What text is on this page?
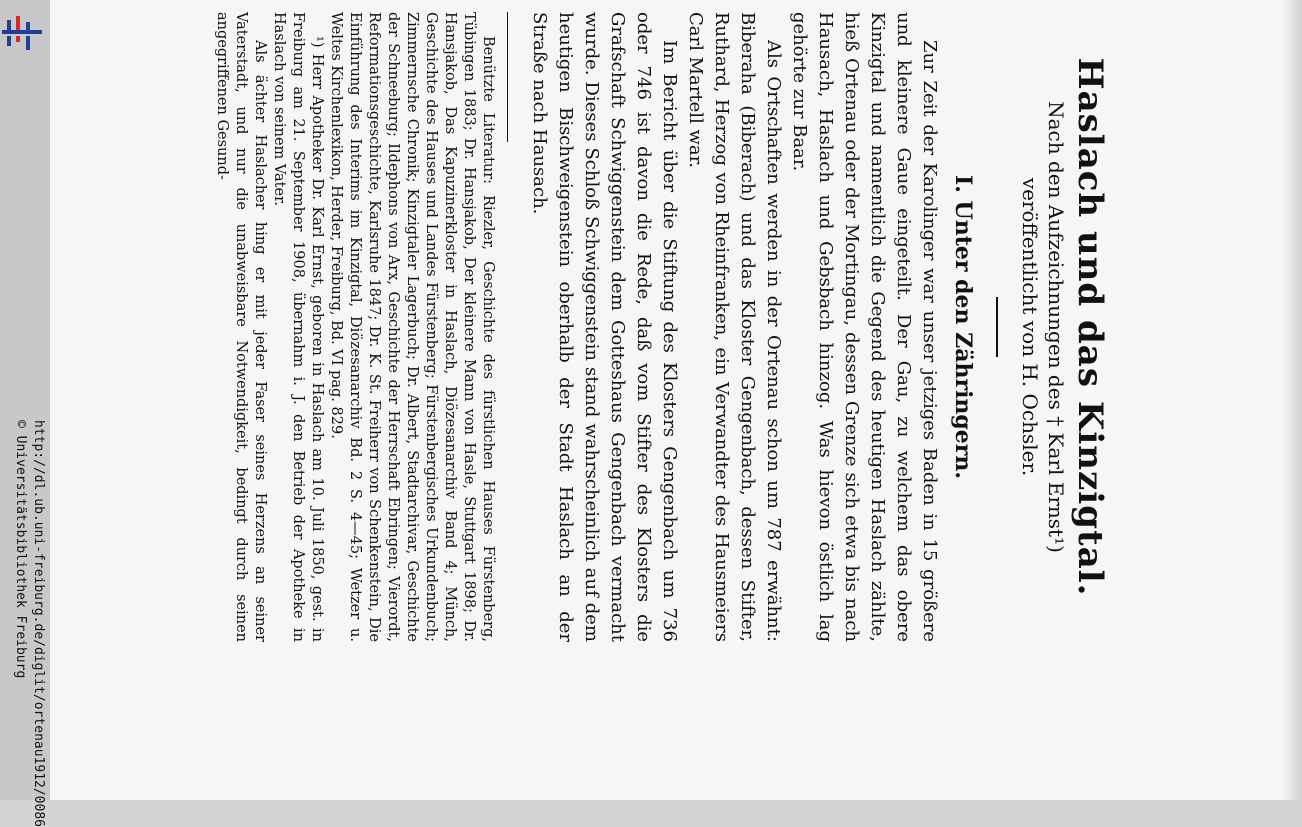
http://dl.ub.uni-freiburg.de/diglit/ortenau1912/0086
© Universitätsbibliothek Freiburg	Haslach und das Kinzigtal.
Nach den Aufzeichnungen des † Karl Ernst¹)
veröffentlicht von H. Ochsler.
I. Unter den Zähringern.

Zur Zeit der Karolinger war unser jetziges Baden in 15 größere und kleinere Gaue eingeteilt. Der Gau, zu welchem das obere Kinzigtal und namentlich die Gegend des heutigen Haslach zählte, hieß Ortenau oder der Mortingau, dessen Grenze sich etwa bis nach Hausach, Haslach und Gebsbach hinzog. Was hievon östlich lag gehörte zur Baar.

Als Ortschaften werden in der Ortenau schon um 787 erwähnt: Biberaha (Biberach) und das Kloster Gengenbach, dessen Stifter, Ruthard, Herzog von Rheinfranken, ein Verwandter des Hausmeiers Carl Martell war.

Im Bericht über die Stiftung des Klosters Gengenbach um 736 oder 746 ist davon die Rede, daß vom Stifter des Klosters die Grafschaft Schwiggenstein dem Gotteshaus Gengenbach vermacht wurde. Dieses Schloß Schwiggenstein stand wahrscheinlich auf dem heutigen Bischweigenstein oberhalb der Stadt Haslach an der Straße nach Hausach.

Benützte Literatur: Riezler, Geschichte des fürstlichen Hauses Fürstenberg, Tübingen 1883; Dr. Hansjakob, Der kleinere Mann von Hasle, Stuttgart 1898; Dr. Hansjakob, Das Kapuzinerkloster in Haslach, Diözesanarchiv Band 4; Münch, Geschichte des Hauses und Landes Fürstenberg; Fürstenbergisches Urkundenbuch; Zimmernsche Chronik; Kinzigtaler Lagerbuch; Dr. Albert, Stadtarchivar, Geschichte der Schneeburg; Ildephons von Arx, Geschichte der Herrschaft Ebringen; Vierordt, Reformationsgeschichte, Karlsruhe 1847; Dr. K. St. Freiherr von Schenkenstein, Die Einführung des Interims im Kinzigtal, Diözesanarchiv Bd. 2 S. 4—45; Wetzer u. Weltes Kirchenlexikon, Herder, Freiburg, Bd. VI pag. 829.

¹) Herr Apotheker Dr. Karl Ernst, geboren in Haslach am 10. Juli 1850, gest. in Freiburg am 21. September 1908, übernahm i. J. den Betrieb der Apotheke in Haslach von seinem Vater.

Als ächter Haslacher hing er mit jeder Faser seines Herzens an seiner Vaterstadt, und nur die unabweisbare Notwendigkeit, bedingt durch seinen angegriffenen Gesund-
